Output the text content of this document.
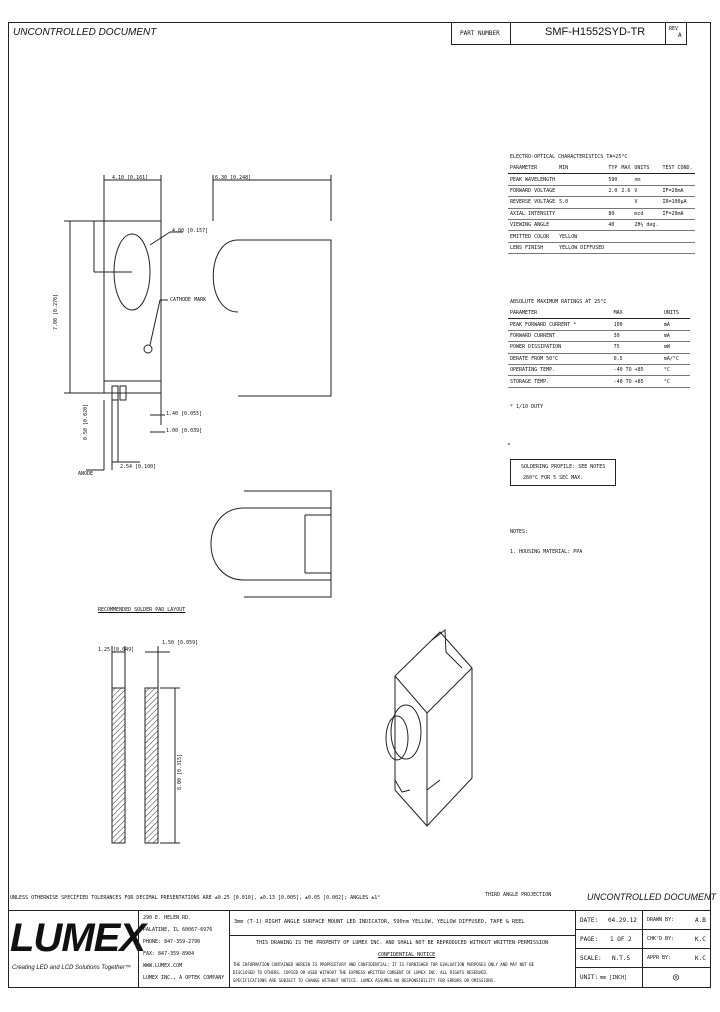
UNCONTROLLED DOCUMENT	PART NUMBER	SMF-H1552SYD-TR	REV
A
4.10 [0.161]	6.30 [0.248]
4.00 [0.157]
7.00 [0.276]	CATHODE MARK
0.50 [0.020]	1.40 [0.055]
1.00 [0.039]
2.54 [0.100]
ANODE
RECOMMENDED SOLDER PAD LAYOUT
1.25 [0.049]
1.50 [0.059]
8.00 [0.315]
ELECTRO-OPTICAL CHARACTERISTICS TA=25°C
PARAMETER	MIN	TYP	MAX	UNITS	TEST COND.
PEAK WAVELENGTH		590		nm	
FORWARD VOLTAGE		2.0	2.6	V	IF=20mA
REVERSE VOLTAGE	5.0			V	IR=100µA
AXIAL INTENSITY		80		mcd	IF=20mA
VIEWING ANGLE		40		2θ½ deg.	
EMITTED COLOR	YELLOW				
LENS FINISH	YELLOW DIFFUSED				
ABSOLUTE MAXIMUM RATINGS AT 25°C
PARAMETER	MAX	UNITS
PEAK FORWARD CURRENT *	100	mA
FORWARD CURRENT	30	mA
POWER DISSIPATION	75	mW
DERATE FROM 50°C	0.5	mA/°C
OPERATING TEMP.	-40 TO +85	°C
STORAGE TEMP.	-40 TO +85	°C
* 1/10 DUTY
SOLDERING PROFILE: SEE NOTES
260°C FOR 5 SEC MAX.
NOTES:
1. HOUSING MATERIAL: PPA
UNLESS OTHERWISE SPECIFIED TOLERANCES FOR DECIMAL PRESENTATIONS ARE ±0.25 [0.010], ±0.13 [0.005], ±0.05 [0.002]; ANGLES ±1°	THIRD ANGLE PROJECTION	UNCONTROLLED DOCUMENT
LUMEX
Creating LED and LCD Solutions Together™
290 E. HELEN RD.
PALATINE, IL 60067-6976
PHONE: 847-359-2790
FAX: 847-359-8904
WWW.LUMEX.COM
LUMEX INC., A OPTEK COMPANY
3mm (T-1) RIGHT ANGLE SURFACE MOUNT LED INDICATOR, 590nm YELLOW, YELLOW DIFFUSED, TAPE & REEL
THIS DRAWING IS THE PROPERTY OF LUMEX INC. AND SHALL NOT BE REPRODUCED WITHOUT WRITTEN PERMISSION
CONFIDENTIAL NOTICE
THE INFORMATION CONTAINED HEREIN IS PROPRIETARY AND CONFIDENTIAL; IT IS FURNISHED FOR EVALUATION PURPOSES ONLY AND MAY NOT BE
DISCLOSED TO OTHERS, COPIED OR USED WITHOUT THE EXPRESS WRITTEN CONSENT OF LUMEX INC. ALL RIGHTS RESERVED.
SPECIFICATIONS ARE SUBJECT TO CHANGE WITHOUT NOTICE. LUMEX ASSUMES NO RESPONSIBILITY FOR ERRORS OR OMISSIONS.
DATE: 04.29.12 DRAWN BY:	A.B
PAGE: 1 OF 2	CHK'D BY:	K.C
SCALE: N.T.S	APPR BY:	K.C
UNIT: mm [INCH]	◎
